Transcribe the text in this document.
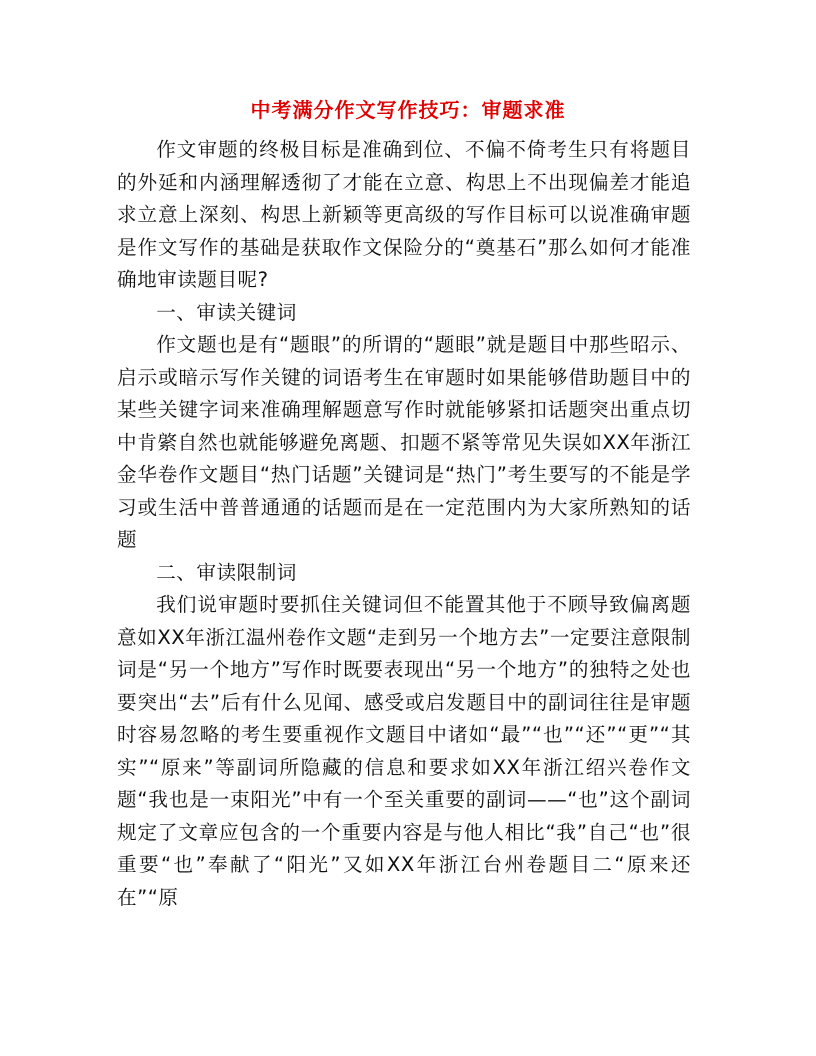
中考满分作文写作技巧：审题求准

作文审题的终极目标是准确到位、不偏不倚考生只有将题目的外延和内涵理解透彻了才能在立意、构思上不出现偏差才能追求立意上深刻、构思上新颖等更高级的写作目标可以说准确审题是作文写作的基础是获取作文保险分的“奠基石”那么如何才能准确地审读题目呢?

一、审读关键词

作文题也是有“题眼”的所谓的“题眼”就是题目中那些昭示、启示或暗示写作关键的词语考生在审题时如果能够借助题目中的某些关键字词来准确理解题意写作时就能够紧扣话题突出重点切中肯綮自然也就能够避免离题、扣题不紧等常见失误如XX年浙江金华卷作文题目“热门话题”关键词是“热门”考生要写的不能是学习或生活中普普通通的话题而是在一定范围内为大家所熟知的话题

二、审读限制词

我们说审题时要抓住关键词但不能置其他于不顾导致偏离题意如XX年浙江温州卷作文题“走到另一个地方去”一定要注意限制词是“另一个地方”写作时既要表现出“另一个地方”的独特之处也要突出“去”后有什么见闻、感受或启发题目中的副词往往是审题时容易忽略的考生要重视作文题目中诸如“最”“也”“还”“更”“其实”“原来”等副词所隐藏的信息和要求如XX年浙江绍兴卷作文题“我也是一束阳光”中有一个至关重要的副词——“也”这个副词规定了文章应包含的一个重要内容是与他人相比“我”自己“也”很重要“也”奉献了“阳光”又如XX年浙江台州卷题目二“原来还在”“原
